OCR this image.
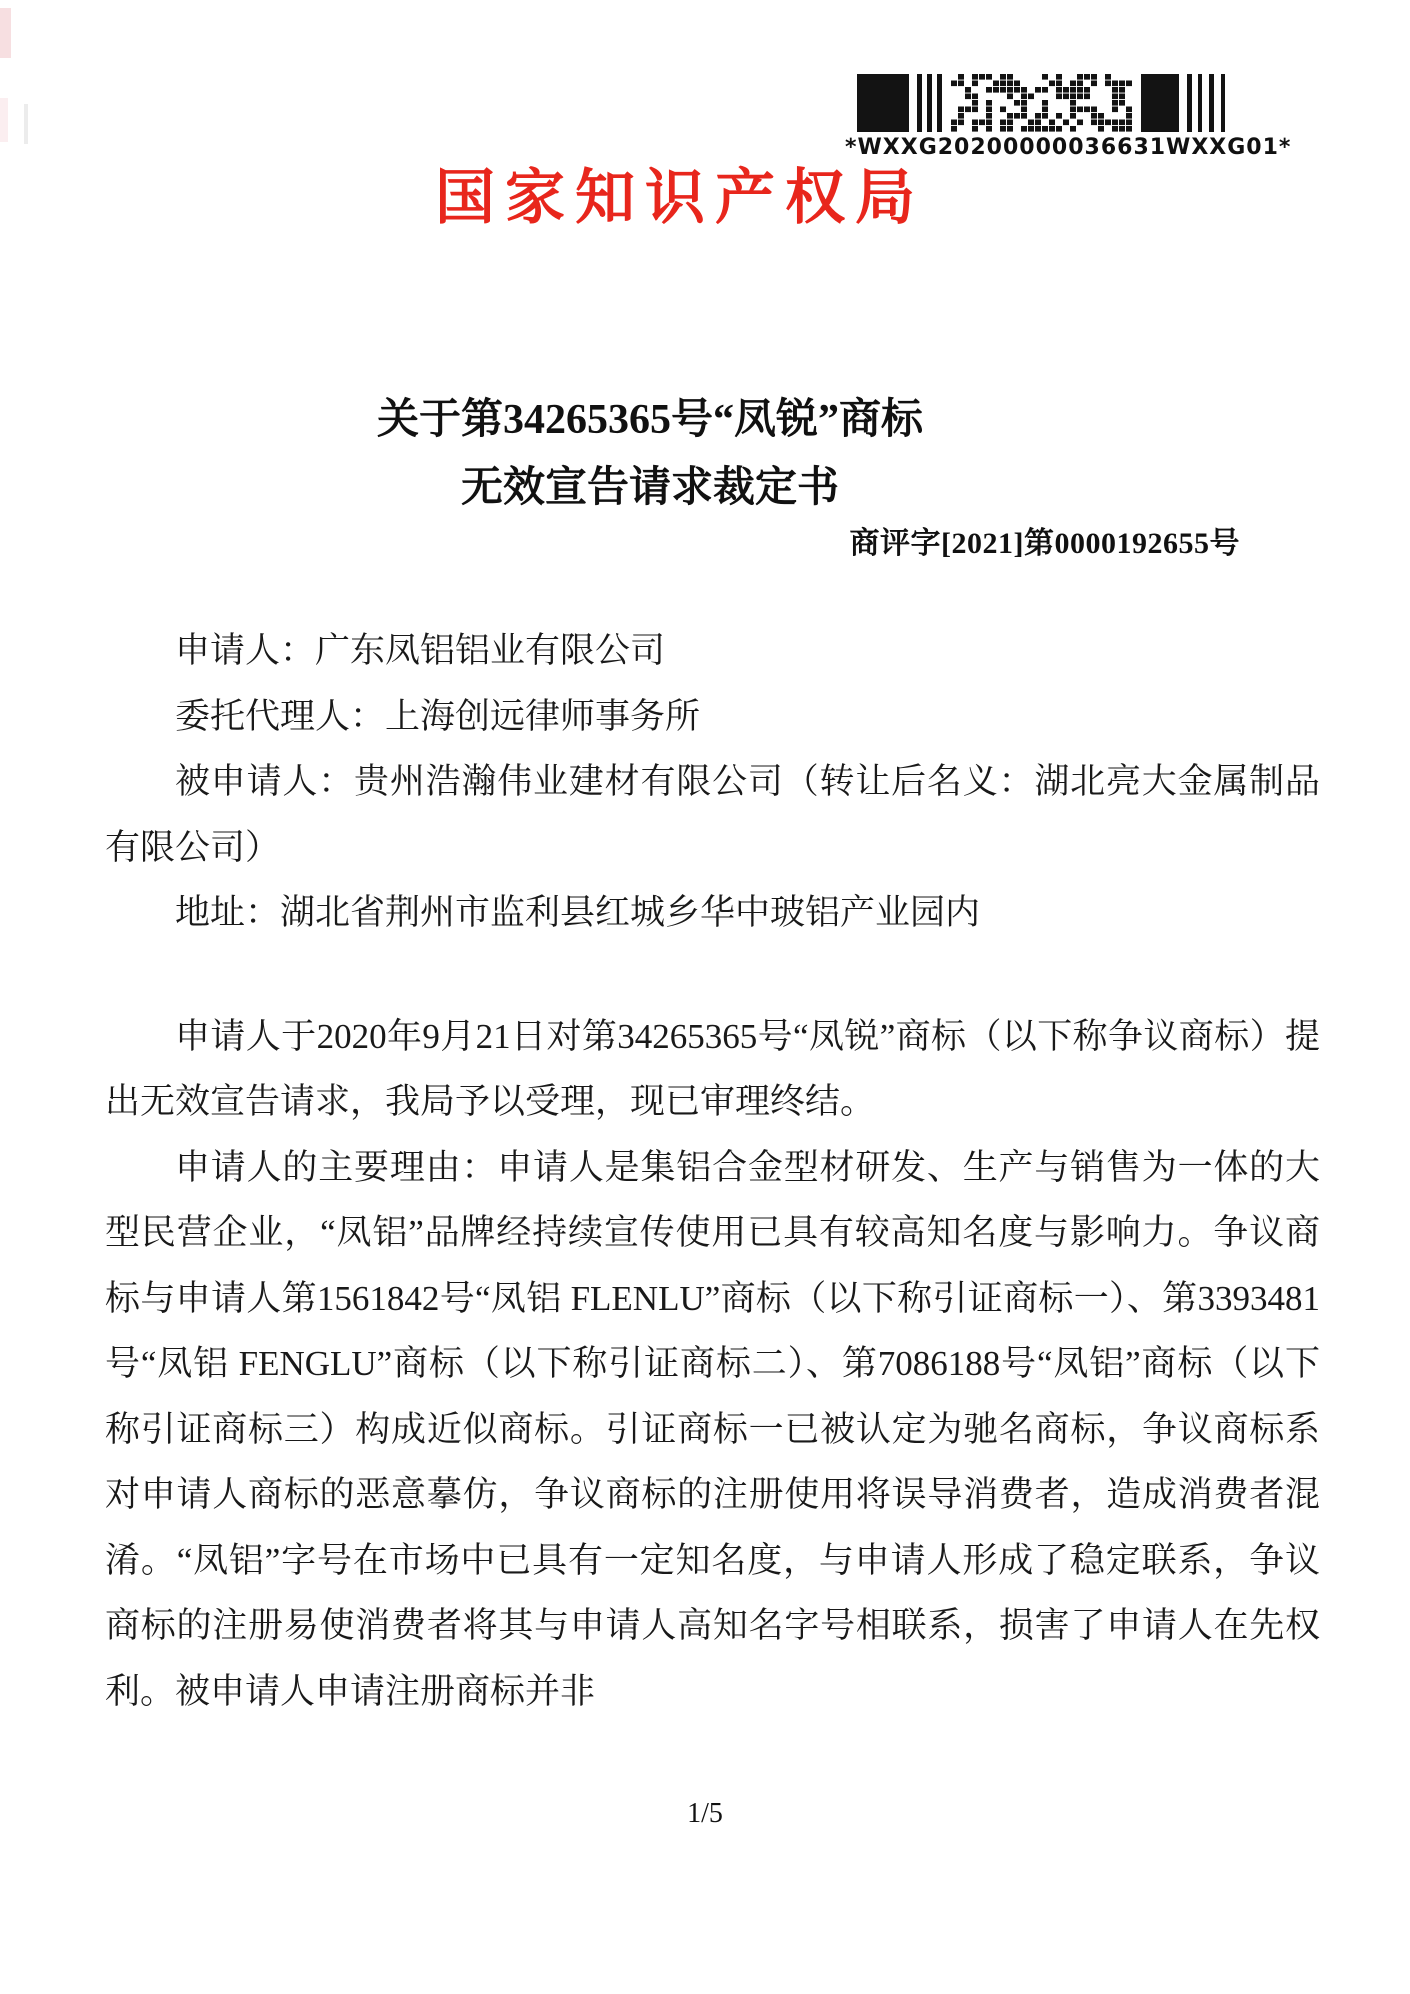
*WXXG20200000036631WXXG01*
国家知识产权局
关于第34265365号“凤锐”商标
无效宣告请求裁定书
商评字[2021]第0000192655号

申请人：广东凤铝铝业有限公司

委托代理人：上海创远律师事务所

被申请人：贵州浩瀚伟业建材有限公司（转让后名义：湖北亮大金属制品有限公司）

地址：湖北省荆州市监利县红城乡华中玻铝产业园内

申请人于2020年9月21日对第34265365号“凤锐”商标（以下称争议商标）提出无效宣告请求，我局予以受理，现已审理终结。

申请人的主要理由：申请人是集铝合金型材研发、生产与销售为一体的大型民营企业，“凤铝”品牌经持续宣传使用已具有较高知名度与影响力。争议商标与申请人第1561842号“凤铝 FLENLU”商标（以下称引证商标一）、第3393481号“凤铝 FENGLU”商标（以下称引证商标二）、第7086188号“凤铝”商标（以下称引证商标三）构成近似商标。引证商标一已被认定为驰名商标，争议商标系对申请人商标的恶意摹仿，争议商标的注册使用将误导消费者，造成消费者混淆。“凤铝”字号在市场中已具有一定知名度，与申请人形成了稳定联系，争议商标的注册易使消费者将其与申请人高知名字号相联系，损害了申请人在先权利。被申请人申请注册商标并非

1/5
